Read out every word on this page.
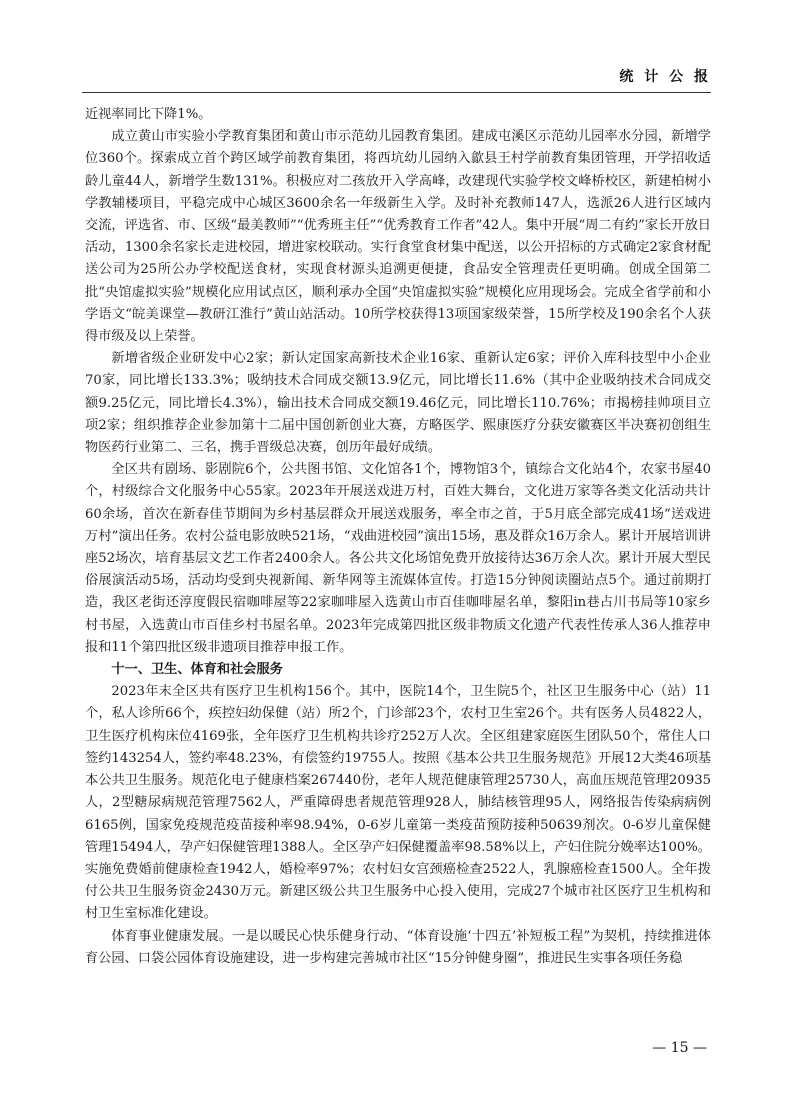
统 计 公 报

近视率同比下降1%。

成立黄山市实验小学教育集团和黄山市示范幼儿园教育集团。建成屯溪区示范幼儿园率水分园，新增学位360个。探索成立首个跨区域学前教育集团，将西坑幼儿园纳入歙县王村学前教育集团管理，开学招收适龄儿童44人，新增学生数131%。积极应对二孩放开入学高峰，改建现代实验学校文峰桥校区，新建柏树小学教辅楼项目，平稳完成中心城区3600余名一年级新生入学。及时补充教师147人，选派26人进行区域内交流，评选省、市、区级“最美教师”“优秀班主任”“优秀教育工作者”42人。集中开展“周二有约”家长开放日活动，1300余名家长走进校园，增进家校联动。实行食堂食材集中配送，以公开招标的方式确定2家食材配送公司为25所公办学校配送食材，实现食材源头追溯更便捷，食品安全管理责任更明确。创成全国第二批“央馆虚拟实验”规模化应用试点区，顺利承办全国“央馆虚拟实验”规模化应用现场会。完成全省学前和小学语文“皖美课堂—教研江淮行”黄山站活动。10所学校获得13项国家级荣誉，15所学校及190余名个人获得市级及以上荣誉。

新增省级企业研发中心2家；新认定国家高新技术企业16家、重新认定6家；评价入库科技型中小企业70家，同比增长133.3%；吸纳技术合同成交额13.9亿元，同比增长11.6%（其中企业吸纳技术合同成交额9.25亿元，同比增长4.3%），输出技术合同成交额19.46亿元，同比增长110.76%；市揭榜挂帅项目立项2家；组织推荐企业参加第十二届中国创新创业大赛，方略医学、熙康医疗分获安徽赛区半决赛初创组生物医药行业第二、三名，携手晋级总决赛，创历年最好成绩。

全区共有剧场、影剧院6个，公共图书馆、文化馆各1个，博物馆3个，镇综合文化站4个，农家书屋40个，村级综合文化服务中心55家。2023年开展送戏进万村，百姓大舞台，文化进万家等各类文化活动共计60余场，首次在新春佳节期间为乡村基层群众开展送戏服务，率全市之首，于5月底全部完成41场“送戏进万村”演出任务。农村公益电影放映521场，“戏曲进校园”演出15场，惠及群众16万余人。累计开展培训讲座52场次，培育基层文艺工作者2400余人。各公共文化场馆免费开放接待达36万余人次。累计开展大型民俗展演活动5场，活动均受到央视新闻、新华网等主流媒体宣传。打造15分钟阅读圈站点5个。通过前期打造，我区老街还淳度假民宿咖啡屋等22家咖啡屋入选黄山市百佳咖啡屋名单，黎阳in巷占川书局等10家乡村书屋，入选黄山市百佳乡村书屋名单。2023年完成第四批区级非物质文化遗产代表性传承人36人推荐申报和11个第四批区级非遗项目推荐申报工作。

十一、卫生、体育和社会服务

2023年末全区共有医疗卫生机构156个。其中，医院14个，卫生院5个，社区卫生服务中心（站）11个，私人诊所66个，疾控妇幼保健（站）所2个，门诊部23个，农村卫生室26个。共有医务人员4822人，卫生医疗机构床位4169张，全年医疗卫生机构共诊疗252万人次。全区组建家庭医生团队50个，常住人口签约143254人，签约率48.23%，有偿签约19755人。按照《基本公共卫生服务规范》开展12大类46项基本公共卫生服务。规范化电子健康档案267440份，老年人规范健康管理25730人，高血压规范管理20935人，2型糖尿病规范管理7562人，严重障碍患者规范管理928人，肺结核管理95人，网络报告传染病病例6165例，国家免疫规范疫苗接种率98.94%，0-6岁儿童第一类疫苗预防接种50639剂次。0-6岁儿童保健管理15494人，孕产妇保健管理1388人。全区孕产妇保健覆盖率98.58%以上，产妇住院分娩率达100%。实施免费婚前健康检查1942人，婚检率97%；农村妇女宫颈癌检查2522人，乳腺癌检查1500人。全年拨付公共卫生服务资金2430万元。新建区级公共卫生服务中心投入使用，完成27个城市社区医疗卫生机构和村卫生室标准化建设。

体育事业健康发展。一是以暖民心快乐健身行动、“体育设施‘十四五’补短板工程”为契机，持续推进体育公园、口袋公园体育设施建设，进一步构建完善城市社区“15分钟健身圈”，推进民生实事各项任务稳

— 15 —
